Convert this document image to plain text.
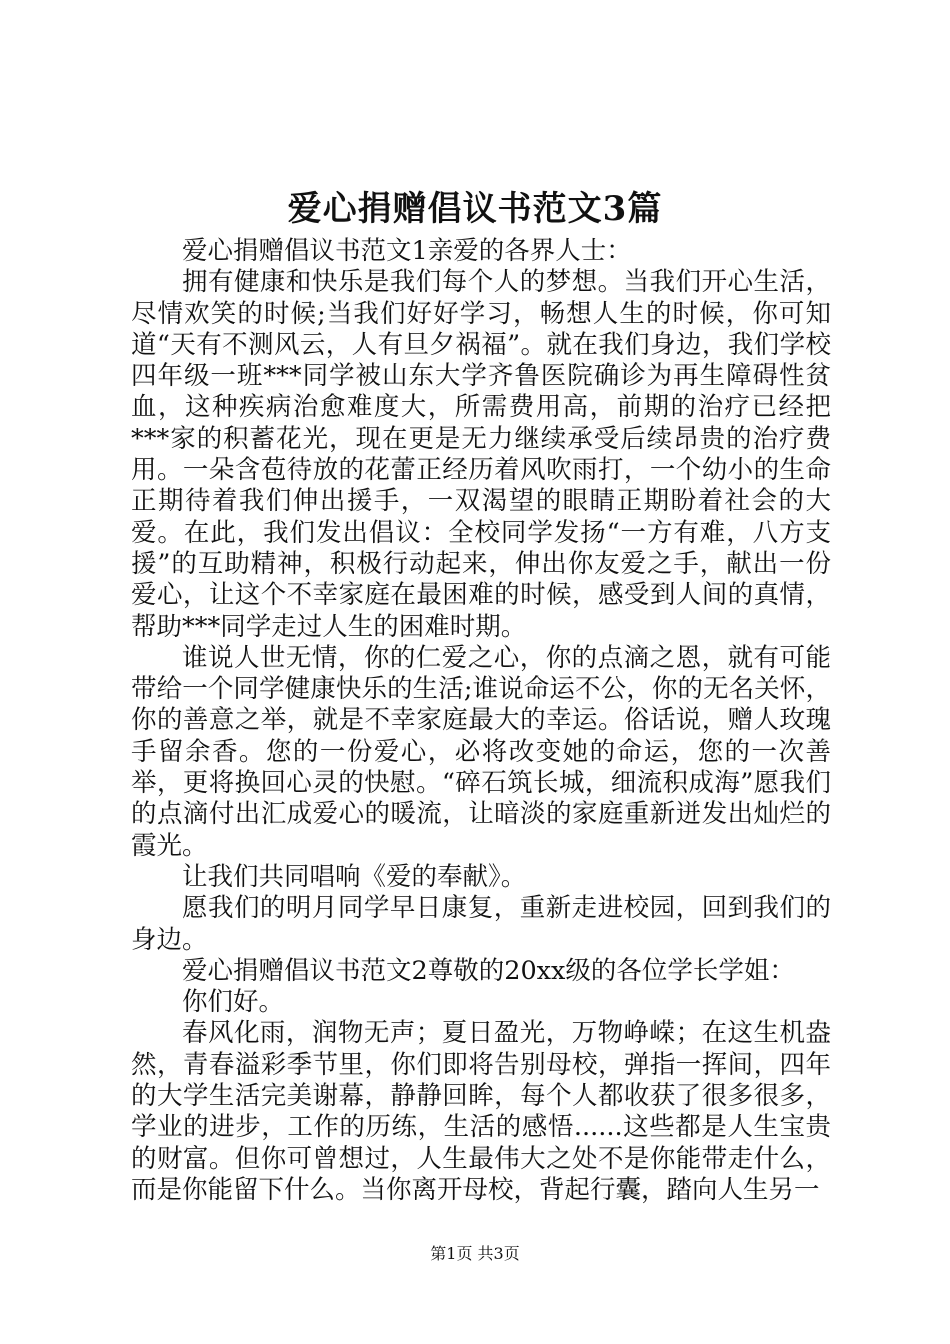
爱心捐赠倡议书范文3篇

爱心捐赠倡议书范文1亲爱的各界人士：

拥有健康和快乐是我们每个人的梦想。当我们开心生活，尽情欢笑的时候;当我们好好学习，畅想人生的时候，你可知道“天有不测风云，人有旦夕祸福”。就在我们身边，我们学校四年级一班***同学被山东大学齐鲁医院确诊为再生障碍性贫血，这种疾病治愈难度大，所需费用高，前期的治疗已经把***家的积蓄花光，现在更是无力继续承受后续昂贵的治疗费用。一朵含苞待放的花蕾正经历着风吹雨打，一个幼小的生命正期待着我们伸出援手，一双渴望的眼睛正期盼着社会的大爱。在此，我们发出倡议：全校同学发扬“一方有难，八方支援”的互助精神，积极行动起来，伸出你友爱之手，献出一份爱心，让这个不幸家庭在最困难的时候，感受到人间的真情，帮助***同学走过人生的困难时期。

谁说人世无情，你的仁爱之心，你的点滴之恩，就有可能带给一个同学健康快乐的生活;谁说命运不公，你的无名关怀，你的善意之举，就是不幸家庭最大的幸运。俗话说，赠人玫瑰手留余香。您的一份爱心，必将改变她的命运，您的一次善举，更将换回心灵的快慰。“碎石筑长城，细流积成海”愿我们的点滴付出汇成爱心的暖流，让暗淡的家庭重新迸发出灿烂的霞光。

让我们共同唱响《爱的奉献》。

愿我们的明月同学早日康复，重新走进校园，回到我们的身边。

爱心捐赠倡议书范文2尊敬的20xx级的各位学长学姐：

你们好。

春风化雨，润物无声；夏日盈光，万物峥嵘；在这生机盎然，青春溢彩季节里，你们即将告别母校，弹指一挥间，四年的大学生活完美谢幕，静静回眸，每个人都收获了很多很多，学业的进步，工作的历练，生活的感悟......这些都是人生宝贵的财富。但你可曾想过，人生最伟大之处不是你能带走什么，而是你能留下什么。当你离开母校，背起行囊，踏向人生另一

第1页 共3页
